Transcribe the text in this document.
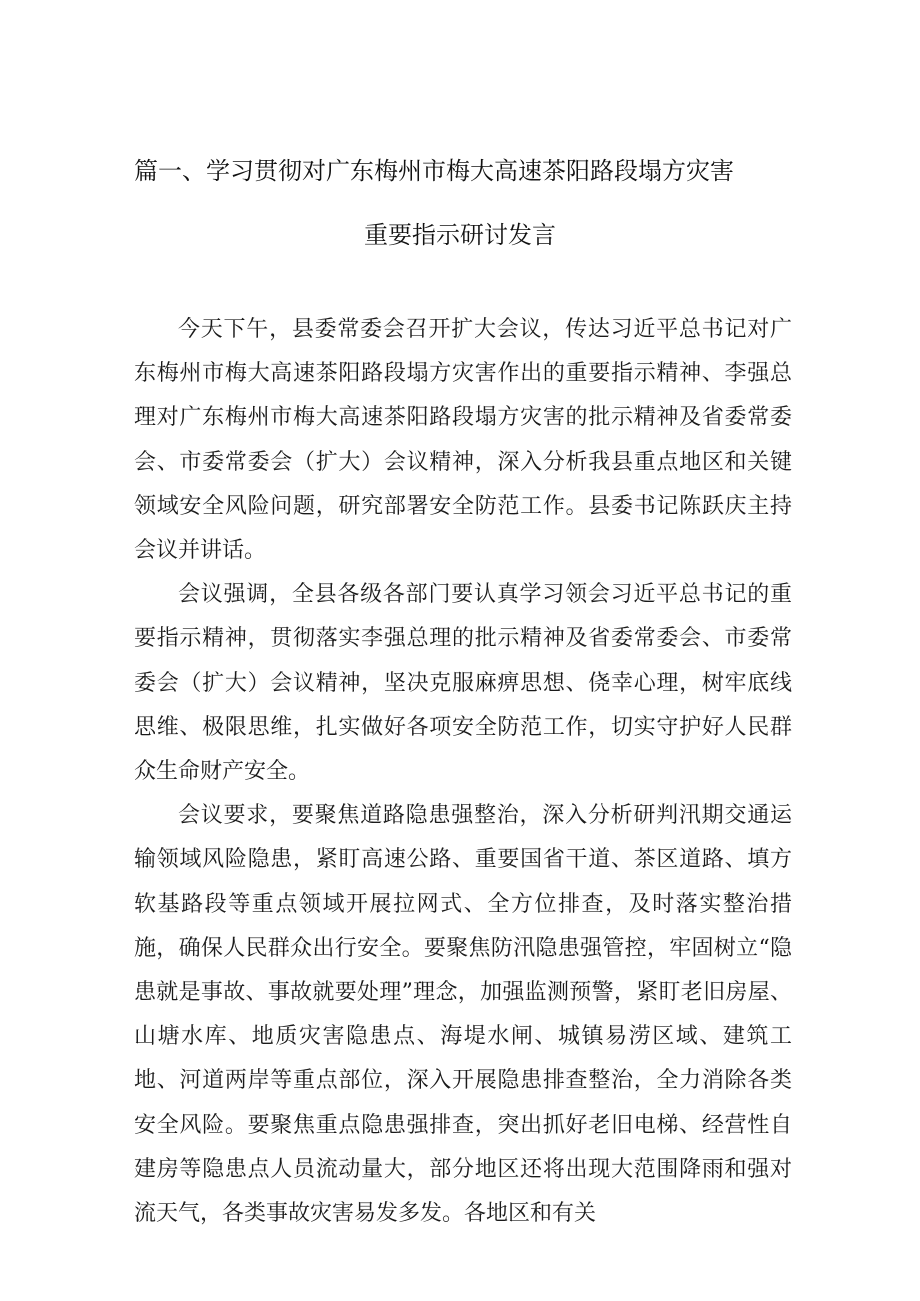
篇一、学习贯彻对广东梅州市梅大高速茶阳路段塌方灾害
重要指示研讨发言

今天下午，县委常委会召开扩大会议，传达习近平总书记对广东梅州市梅大高速茶阳路段塌方灾害作出的重要指示精神、李强总理对广东梅州市梅大高速茶阳路段塌方灾害的批示精神及省委常委会、市委常委会（扩大）会议精神，深入分析我县重点地区和关键领域安全风险问题，研究部署安全防范工作。县委书记陈跃庆主持会议并讲话。

会议强调，全县各级各部门要认真学习领会习近平总书记的重要指示精神，贯彻落实李强总理的批示精神及省委常委会、市委常委会（扩大）会议精神，坚决克服麻痹思想、侥幸心理，树牢底线思维、极限思维，扎实做好各项安全防范工作，切实守护好人民群众生命财产安全。

会议要求，要聚焦道路隐患强整治，深入分析研判汛期交通运输领域风险隐患，紧盯高速公路、重要国省干道、茶区道路、填方软基路段等重点领域开展拉网式、全方位排查，及时落实整治措施，确保人民群众出行安全。要聚焦防汛隐患强管控，牢固树立“隐患就是事故、事故就要处理”理念，加强监测预警，紧盯老旧房屋、山塘水库、地质灾害隐患点、海堤水闸、城镇易涝区域、建筑工地、河道两岸等重点部位，深入开展隐患排查整治，全力消除各类安全风险。要聚焦重点隐患强排查，突出抓好老旧电梯、经营性自建房等隐患点人员流动量大，部分地区还将出现大范围降雨和强对流天气，各类事故灾害易发多发。各地区和有关
